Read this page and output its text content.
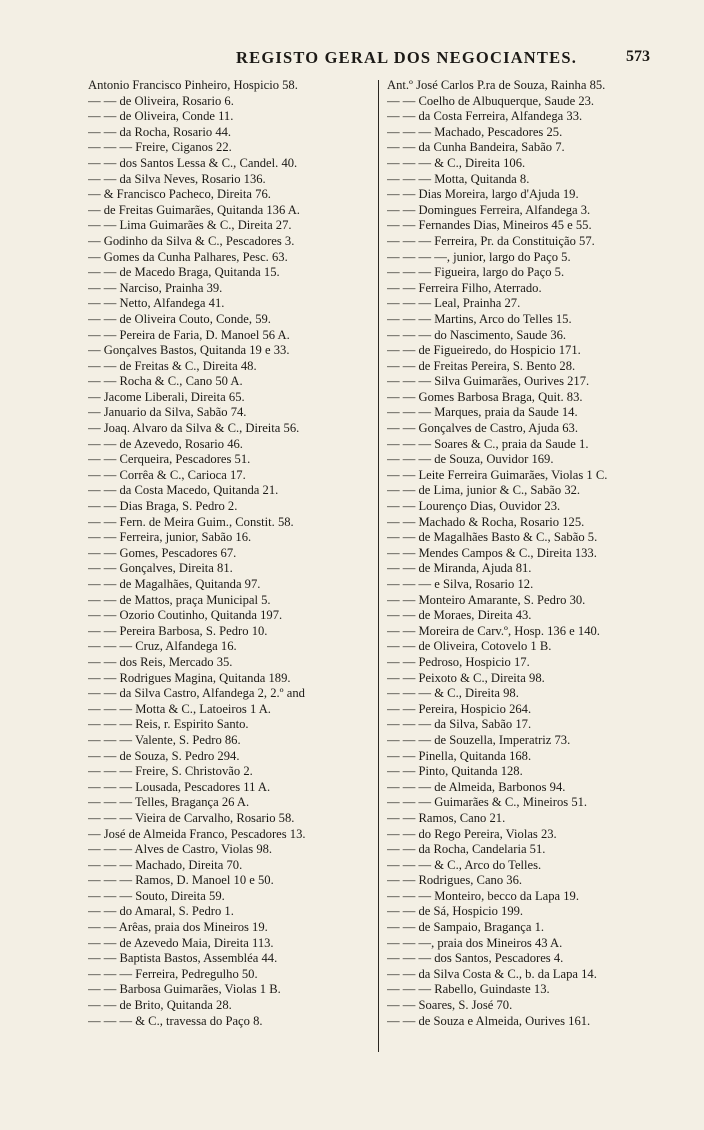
REGISTO GERAL DOS NEGOCIANTES.	573
Antonio Francisco Pinheiro, Hospicio 58.
— — de Oliveira, Rosario 6.
— — de Oliveira, Conde 11.
— — da Rocha, Rosario 44.
— — — Freire, Ciganos 22.
— — dos Santos Lessa & C., Candel. 40.
— — da Silva Neves, Rosario 136.
— & Francisco Pacheco, Direita 76.
— de Freitas Guimarães, Quitanda 136 A.
— — Lima Guimarães & C., Direita 27.
— Godinho da Silva & C., Pescadores 3.
— Gomes da Cunha Palhares, Pesc. 63.
— — de Macedo Braga, Quitanda 15.
— — Narciso, Prainha 39.
— — Netto, Alfandega 41.
— — de Oliveira Couto, Conde, 59.
— — Pereira de Faria, D. Manoel 56 A.
— Gonçalves Bastos, Quitanda 19 e 33.
— — de Freitas & C., Direita 48.
— — Rocha & C., Cano 50 A.
— Jacome Liberali, Direita 65.
— Januario da Silva, Sabão 74.
— Joaq. Alvaro da Silva & C., Direita 56.
— — de Azevedo, Rosario 46.
— — Cerqueira, Pescadores 51.
— — Corrêa & C., Carioca 17.
— — da Costa Macedo, Quitanda 21.
— — Dias Braga, S. Pedro 2.
— — Fern. de Meira Guim., Constit. 58.
— — Ferreira, junior, Sabão 16.
— — Gomes, Pescadores 67.
— — Gonçalves, Direita 81.
— — de Magalhães, Quitanda 97.
— — de Mattos, praça Municipal 5.
— — Ozorio Coutinho, Quitanda 197.
— — Pereira Barbosa, S. Pedro 10.
— — — Cruz, Alfandega 16.
— — dos Reis, Mercado 35.
— — Rodrigues Magina, Quitanda 189.
— — da Silva Castro, Alfandega 2, 2.º and
— — — Motta & C., Latoeiros 1 A.
— — — Reis, r. Espirito Santo.
— — — Valente, S. Pedro 86.
— — de Souza, S. Pedro 294.
— — — Freire, S. Christovão 2.
— — — Lousada, Pescadores 11 A.
— — — Telles, Bragança 26 A.
— — — Vieira de Carvalho, Rosario 58.
— José de Almeida Franco, Pescadores 13.
— — — Alves de Castro, Violas 98.
— — — Machado, Direita 70.
— — — Ramos, D. Manoel 10 e 50.
— — — Souto, Direita 59.
— — do Amaral, S. Pedro 1.
— — Arêas, praia dos Mineiros 19.
— — de Azevedo Maia, Direita 113.
— — Baptista Bastos, Assembléa 44.
— — — Ferreira, Pedregulho 50.
— — Barbosa Guimarães, Violas 1 B.
— — de Brito, Quitanda 28.
— — — & C., travessa do Paço 8.
Ant.º José Carlos P.ra de Souza, Rainha 85.
— — Coelho de Albuquerque, Saude 23.
— — da Costa Ferreira, Alfandega 33.
— — — Machado, Pescadores 25.
— — da Cunha Bandeira, Sabão 7.
— — — & C., Direita 106.
— — — Motta, Quitanda 8.
— — Dias Moreira, largo d'Ajuda 19.
— — Domingues Ferreira, Alfandega 3.
— — Fernandes Dias, Mineiros 45 e 55.
— — — Ferreira, Pr. da Constituição 57.
— — — —, junior, largo do Paço 5.
— — — Figueira, largo do Paço 5.
— — Ferreira Filho, Aterrado.
— — — Leal, Prainha 27.
— — — Martins, Arco do Telles 15.
— — — do Nascimento, Saude 36.
— — de Figueiredo, do Hospicio 171.
— — de Freitas Pereira, S. Bento 28.
— — — Silva Guimarães, Ourives 217.
— — Gomes Barbosa Braga, Quit. 83.
— — — Marques, praia da Saude 14.
— — Gonçalves de Castro, Ajuda 63.
— — — Soares & C., praia da Saude 1.
— — — de Souza, Ouvidor 169.
— — Leite Ferreira Guimarães, Violas 1 C.
— — de Lima, junior & C., Sabão 32.
— — Lourenço Dias, Ouvidor 23.
— — Machado & Rocha, Rosario 125.
— — de Magalhães Basto & C., Sabão 5.
— — Mendes Campos & C., Direita 133.
— — de Miranda, Ajuda 81.
— — — e Silva, Rosario 12.
— — Monteiro Amarante, S. Pedro 30.
— — de Moraes, Direita 43.
— — Moreira de Carv.º, Hosp. 136 e 140.
— — de Oliveira, Cotovelo 1 B.
— — Pedroso, Hospicio 17.
— — Peixoto & C., Direita 98.
— — — & C., Direita 98.
— — Pereira, Hospicio 264.
— — — da Silva, Sabão 17.
— — — de Souzella, Imperatriz 73.
— — Pinella, Quitanda 168.
— — Pinto, Quitanda 128.
— — — de Almeida, Barbonos 94.
— — — Guimarães & C., Mineiros 51.
— — Ramos, Cano 21.
— — do Rego Pereira, Violas 23.
— — da Rocha, Candelaria 51.
— — — & C., Arco do Telles.
— — Rodrigues, Cano 36.
— — — Monteiro, becco da Lapa 19.
— — de Sá, Hospicio 199.
— — de Sampaio, Bragança 1.
— — —, praia dos Mineiros 43 A.
— — — dos Santos, Pescadores 4.
— — da Silva Costa & C., b. da Lapa 14.
— — — Rabello, Guindaste 13.
— — Soares, S. José 70.
— — de Souza e Almeida, Ourives 161.
